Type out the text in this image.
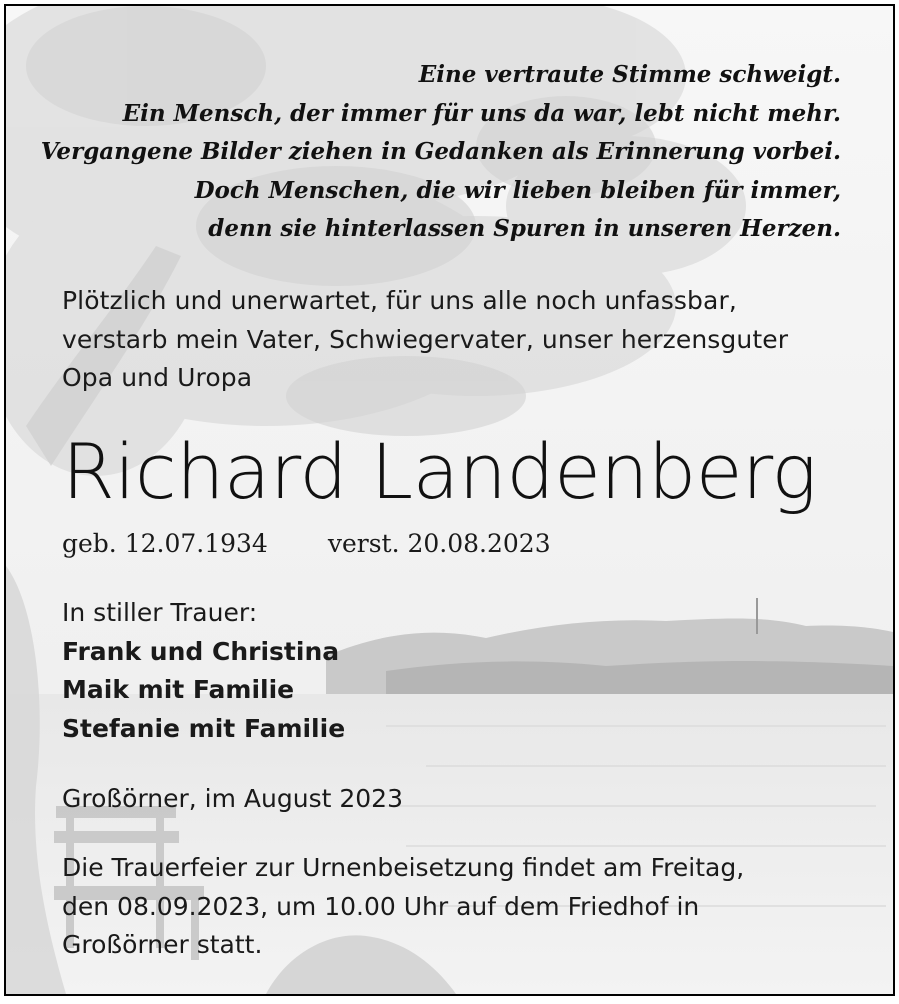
Eine vertraute Stimme schweigt.
Ein Mensch, der immer für uns da war, lebt nicht mehr.
Vergangene Bilder ziehen in Gedanken als Erinnerung vorbei.
Doch Menschen, die wir lieben bleiben für immer,
denn sie hinterlassen Spuren in unseren Herzen.
Plötzlich und unerwartet, für uns alle noch unfassbar,
verstarb mein Vater, Schwiegervater, unser herzensguter
Opa und Uropa
Richard Landenberg
geb. 12.07.1934 verst. 20.08.2023
In stiller Trauer:
Frank und Christina
Maik mit Familie
Stefanie mit Familie
Großörner, im August 2023
Die Trauerfeier zur Urnenbeisetzung findet am Freitag,
den 08.09.2023, um 10.00 Uhr auf dem Friedhof in
Großörner statt.
